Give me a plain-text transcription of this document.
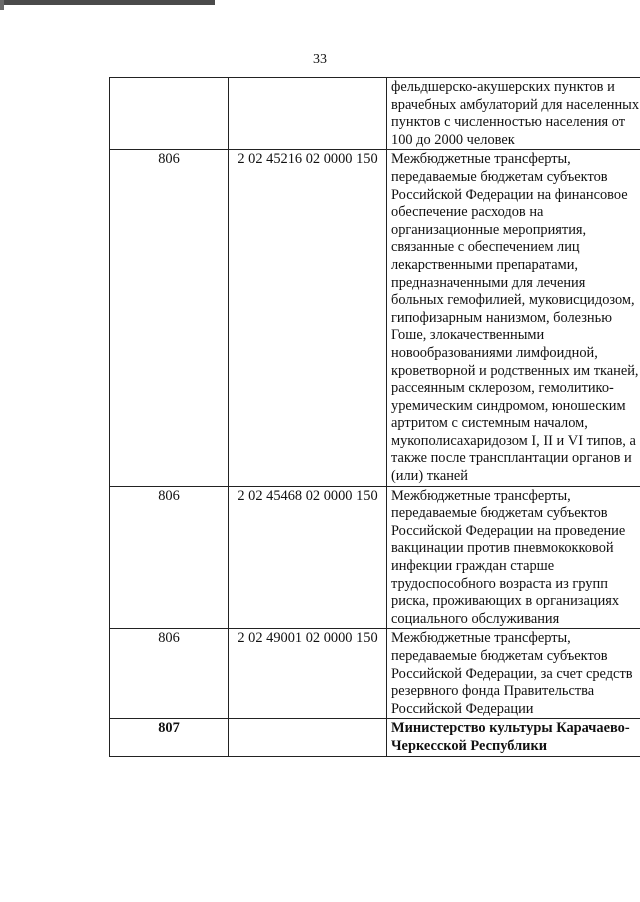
33

		фельдшерско-акушерских пунктов и врачебных амбулаторий для населенных пунктов с численностью населения от 100 до 2000 человек

806	2 02 45216 02 0000 150	Межбюджетные трансферты, передаваемые бюджетам субъектов Российской Федерации на финансовое обеспечение расходов на организационные мероприятия, связанные с обеспечением лиц лекарственными препаратами, предназначенными для лечения больных гемофилией, муковисцидозом, гипофизарным нанизмом, болезнью Гоше, злокачественными новообразованиями лимфоидной, кроветворной и родственных им тканей, рассеянным склерозом, гемолитико-уремическим синдромом, юношеским артритом с системным началом, мукополисахаридозом I, II и VI типов, а также после трансплантации органов и (или) тканей

806	2 02 45468 02 0000 150	Межбюджетные трансферты, передаваемые бюджетам субъектов Российской Федерации на проведение вакцинации против пневмококковой инфекции граждан старше трудоспособного возраста из групп риска, проживающих в организациях социального обслуживания

806	2 02 49001 02 0000 150	Межбюджетные трансферты, передаваемые бюджетам субъектов Российской Федерации, за счет средств резервного фонда Правительства Российской Федерации

807		Министерство культуры Карачаево-Черкесской Республики
